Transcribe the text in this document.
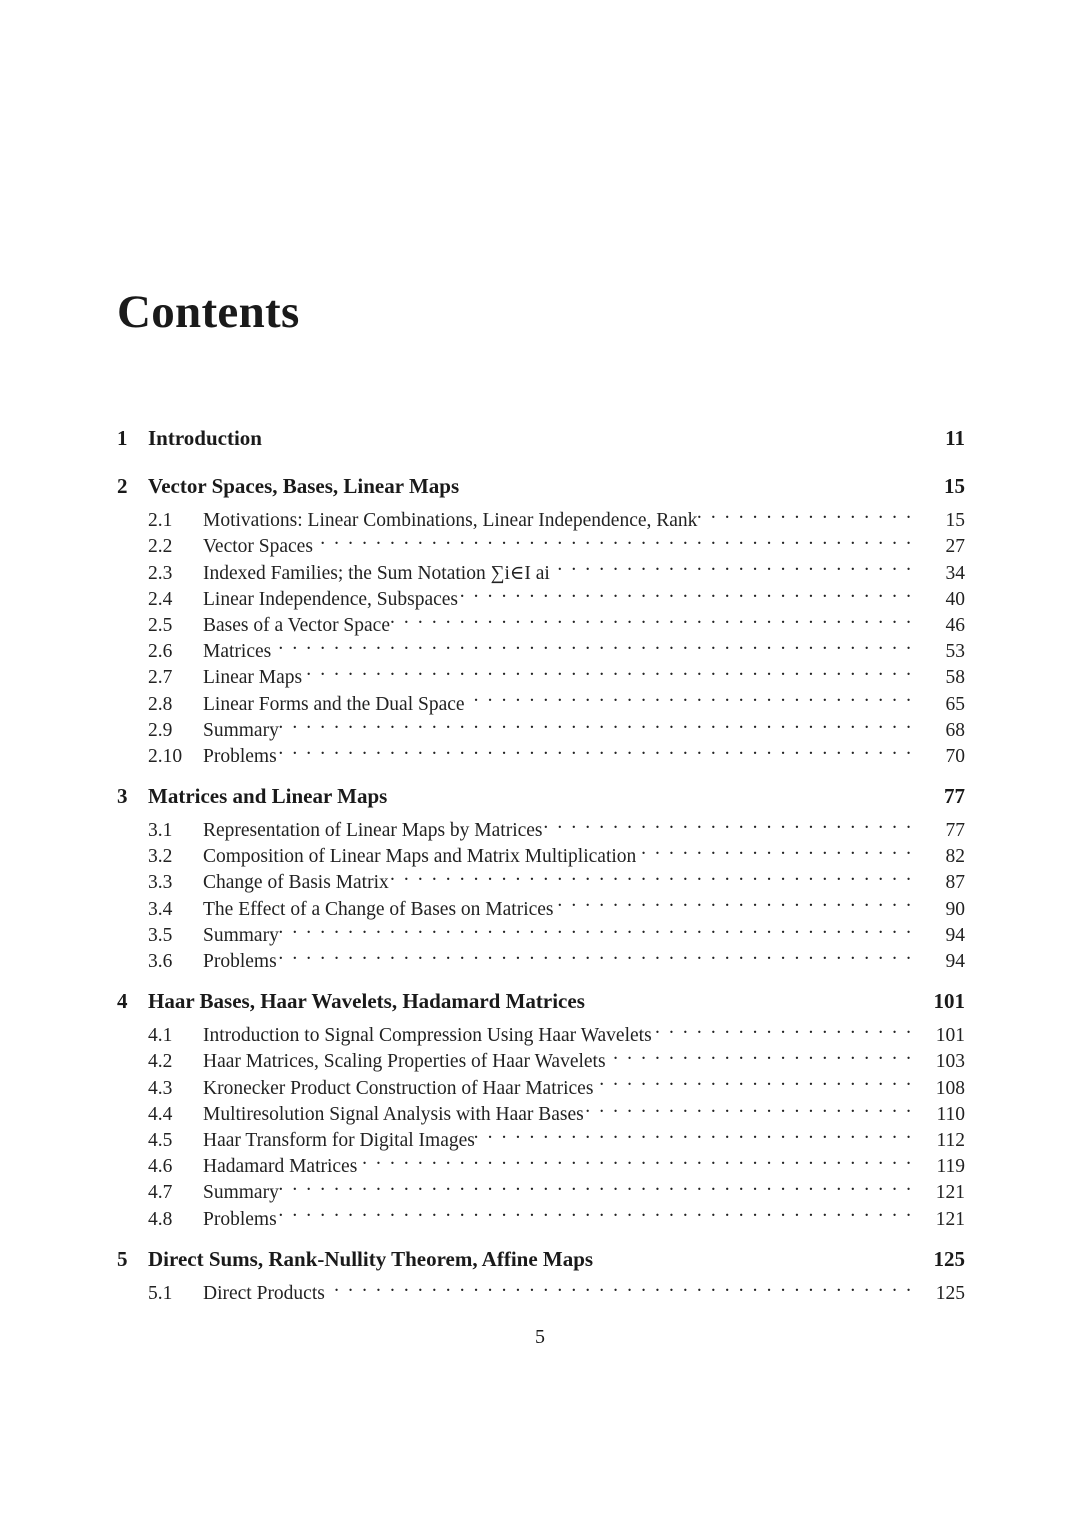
Contents
1 Introduction	11
2 Vector Spaces, Bases, Linear Maps	15
2.1	Motivations: Linear Combinations, Linear Independence, Rank . . .	15
2.2	Vector Spaces . . .	27
2.3	Indexed Families; the Sum Notation ∑i∈I ai . . .	34
2.4	Linear Independence, Subspaces . . .	40
2.5	Bases of a Vector Space . . .	46
2.6	Matrices . . .	53
2.7	Linear Maps . . .	58
2.8	Linear Forms and the Dual Space . . .	65
2.9	Summary . . .	68
2.10	Problems . . .	70
3 Matrices and Linear Maps	77
3.1	Representation of Linear Maps by Matrices . . .	77
3.2	Composition of Linear Maps and Matrix Multiplication . . .	82
3.3	Change of Basis Matrix . . .	87
3.4	The Effect of a Change of Bases on Matrices . . .	90
3.5	Summary . . .	94
3.6	Problems . . .	94
4 Haar Bases, Haar Wavelets, Hadamard Matrices	101
4.1	Introduction to Signal Compression Using Haar Wavelets . . .	101
4.2	Haar Matrices, Scaling Properties of Haar Wavelets . . .	103
4.3	Kronecker Product Construction of Haar Matrices . . .	108
4.4	Multiresolution Signal Analysis with Haar Bases . . .	110
4.5	Haar Transform for Digital Images . . .	112
4.6	Hadamard Matrices . . .	119
4.7	Summary . . .	121
4.8	Problems . . .	121
5 Direct Sums, Rank-Nullity Theorem, Affine Maps	125
5.1	Direct Products . . .	125
5
